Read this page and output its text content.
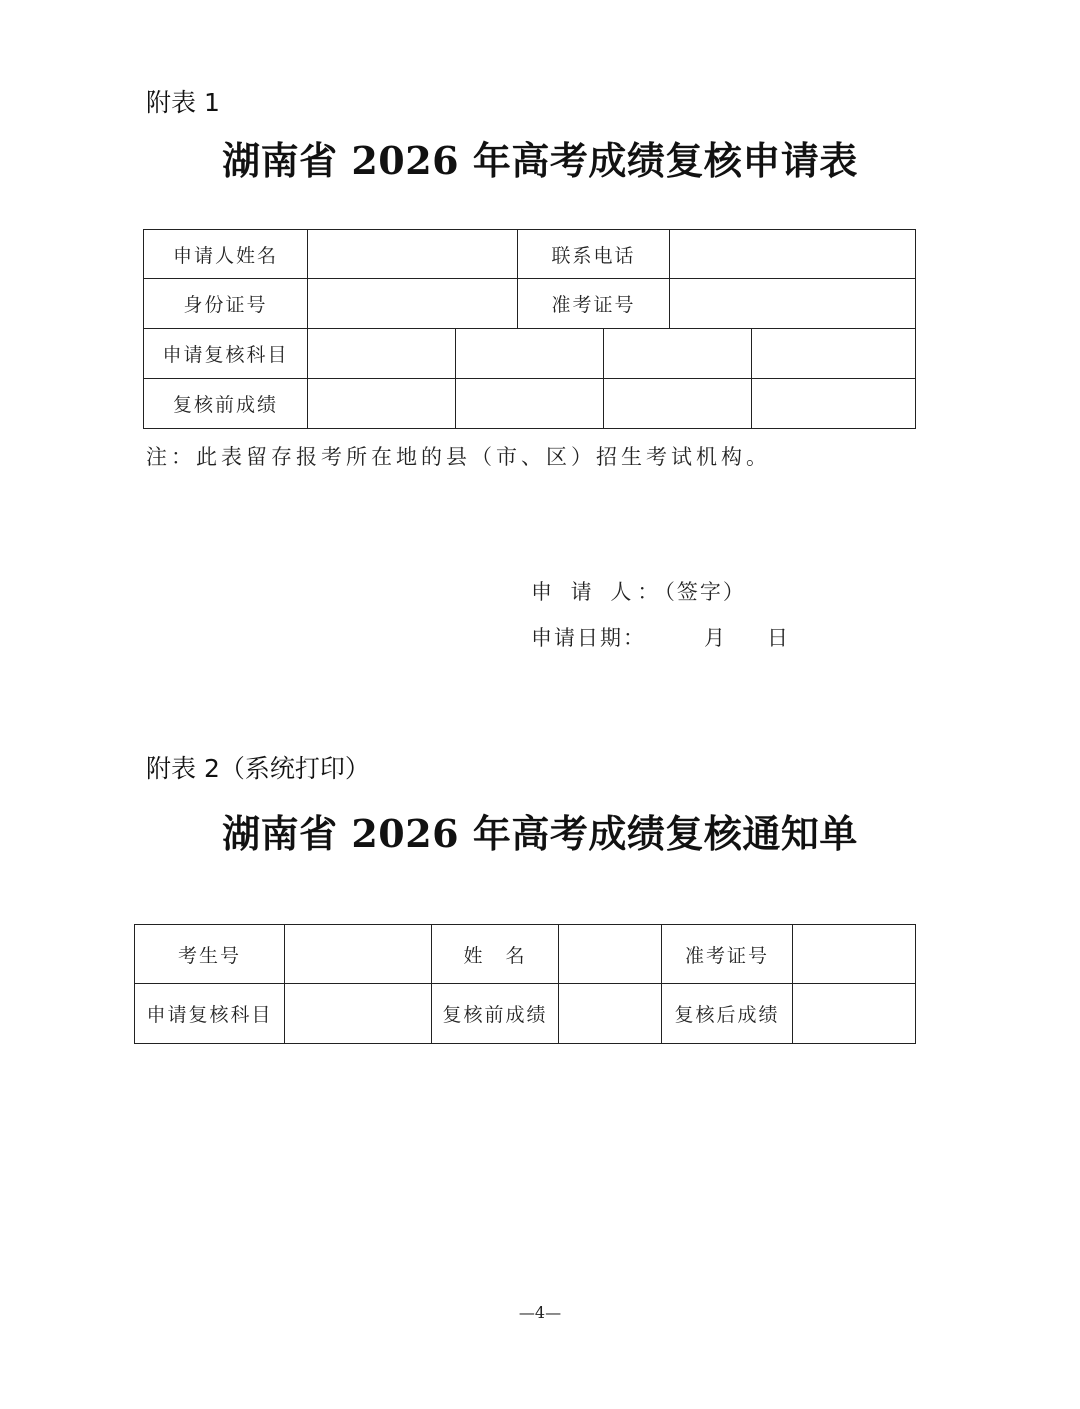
附表 1
湖南省 2026 年高考成绩复核申请表
申请人姓名			联系电话			
身份证号			准考证号			
申请复核科目						
复核前成绩						
注：此表留存报考所在地的县（市、区）招生考试机构。
申 请 人：（签字）
申请日期：	月 日
附表 2（系统打印）
湖南省 2026 年高考成绩复核通知单
考生号		姓　名		准考证号	
申请复核科目		复核前成绩		复核后成绩	
—4—
